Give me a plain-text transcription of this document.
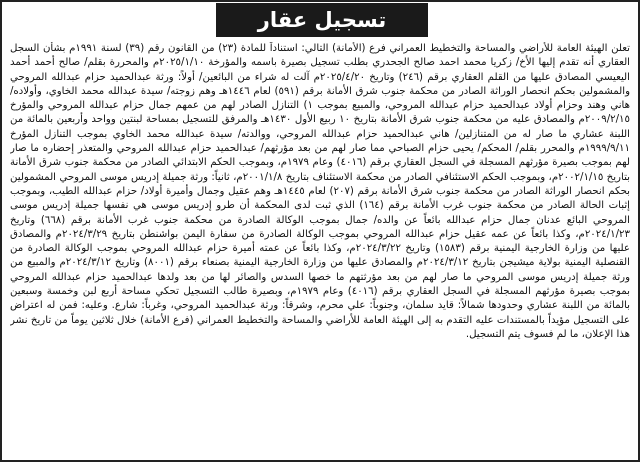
تسجيل عقار

تعلن الهيئة العامة للأراضي والمساحة والتخطيط العمراني فرع (الأمانة) التالي: استناداً للمادة (٢٣) من القانون رقم (٣٩) لسنة ١٩٩١م بشأن السجل العقاري أنه تقدم إليها الأخ/ زكريا محمد احمد صالح الجحدري بطلب تسجيل بصيرة باسمه والمؤرخة ٢٠٢٥/١/١٠م والمحررة بقلم/ صالح أحمد أحمد اليعيسي المصادق عليها من القلم العقاري برقم (٢٤٦) وتاريخ ٢٠٢٥/٤/٢٠م آلت له شراء من البائعين/ أولاً: ورثة عبدالحميد حزام عبدالله المروحي والمشمولين بحكم انحصار الوراثة الصادر من محكمة جنوب شرق الأمانة برقم (٥٩١) لعام ١٤٤٦هـ وهم زوجته/ سيدة عبدالله محمد الخاوي، وأولاده/ هاني وهند وحزام أولاد عبدالحميد حزام عبدالله المروحي، والمبيع بموجب ١) التنازل الصادر لهم من عمهم جمال حزام عبدالله المروحي والمؤرخ ٢٠٠٩/٢/١٥م والمصادق عليه من محكمة جنوب شرق الأمانة بتاريخ ١٠ ربيع الأول ١٤٣٠هـ والمرفق للتسجيل بمساحة لبنتين وواحد وأربعين بالمائة من اللبنة عشاري ما صار له من المتنازلين/ هاني عبدالحميد حزام عبدالله المروحي، ووالدته/ سيدة عبدالله محمد الخاوي بموجب التنازل المؤرخ ١٩٩٩/٩/١١م والمحرر بقلم/ المحكم/ يحيى حزام الصباحي مما صار لهم من بعد مؤرثهم/ عبدالحميد حزام عبدالله المروحي والمتعذر إحضاره ما صار لهم بموجب بصيرة مؤرثهم المسجلة في السجل العقاري برقم (٤٠١٦) وعام ١٩٧٩م، وبموجب الحكم الابتدائي الصادر من محكمة جنوب شرق الأمانة بتاريخ ٢٠٠٢/١/١٥م، وبموجب الحكم الاستئنافي الصادر من محكمة الاستئناف بتاريخ ٢٠٠١/١/٨م، ثانياً: ورثة جميلة إدريس موسى المروحي المشمولين بحكم انحصار الوراثة الصادر من محكمة جنوب شرق الأمانة برقم (٢٠٧) لعام ١٤٤٥هـ وهم عقيل وجمال وأميرة أولاد/ حزام عبدالله الطيب، وبموجب إثبات الحالة الصادر من محكمة جنوب غرب الأمانة برقم (١٦٤) الذي ثبت لدى المحكمة أن طرو إدريس موسى هي نفسها جميلة إدريس موسى المروحي البائع عدنان جمال حزام عبدالله بائعاً عن والده/ جمال بموجب الوكالة الصادرة من محكمة جنوب غرب الأمانة برقم (٦٦٨) وتاريخ ٢٠٢٤/١/٢٣م، وكذا بائعاً عن عمه عقيل حزام عبدالله المروحي بموجب الوكالة الصادرة من سفارة اليمن بواشنطن بتاريخ ٢٠٢٤/٣/٢٩م والمصادق عليها من وزارة الخارجية اليمنية برقم (١٥٨٣) وتاريخ ٢٠٢٤/٣/٢٢م، وكذا بائعاً عن عمته أميرة حزام عبدالله المروحي بموجب الوكالة الصادرة من القنصلية اليمنية بولاية ميشيجن بتاريخ ٢٠٢٤/٣/١٢م والمصادق عليها من وزارة الخارجية اليمنية بصنعاء برقم (٨٠٠١) وتاريخ ٢٠٢٤/٣/١٢م والمبيع من ورثة جميلة إدريس موسى المروحي ما صار لهم من بعد مؤرثتهم ما خصها السدس والصائر لها من بعد ولدها عبدالحميد حزام عبدالله المروحي بموجب بصيرة مؤرثهم المسجلة في السجل العقاري برقم (٤٠١٦) وعام ١٩٧٩م، وبصيرة طالب التسجيل تحكي مساحة أربع لبن وخمسة وسبعين بالمائة من اللبنة عشاري وحدودها شمالاً: قايد سلمان، وجنوباً: علي محرم، وشرقاً: ورثة عبدالحميد المروحي، وغرباً: شارع. وعليه: فمن له اعتراض على التسجيل مؤيداً بالمستندات عليه التقدم به إلى الهيئة العامة للأراضي والمساحة والتخطيط العمراني (فرع الأمانة) خلال ثلاثين يوماً من تاريخ نشر هذا الإعلان، ما لم فسوف يتم التسجيل.
